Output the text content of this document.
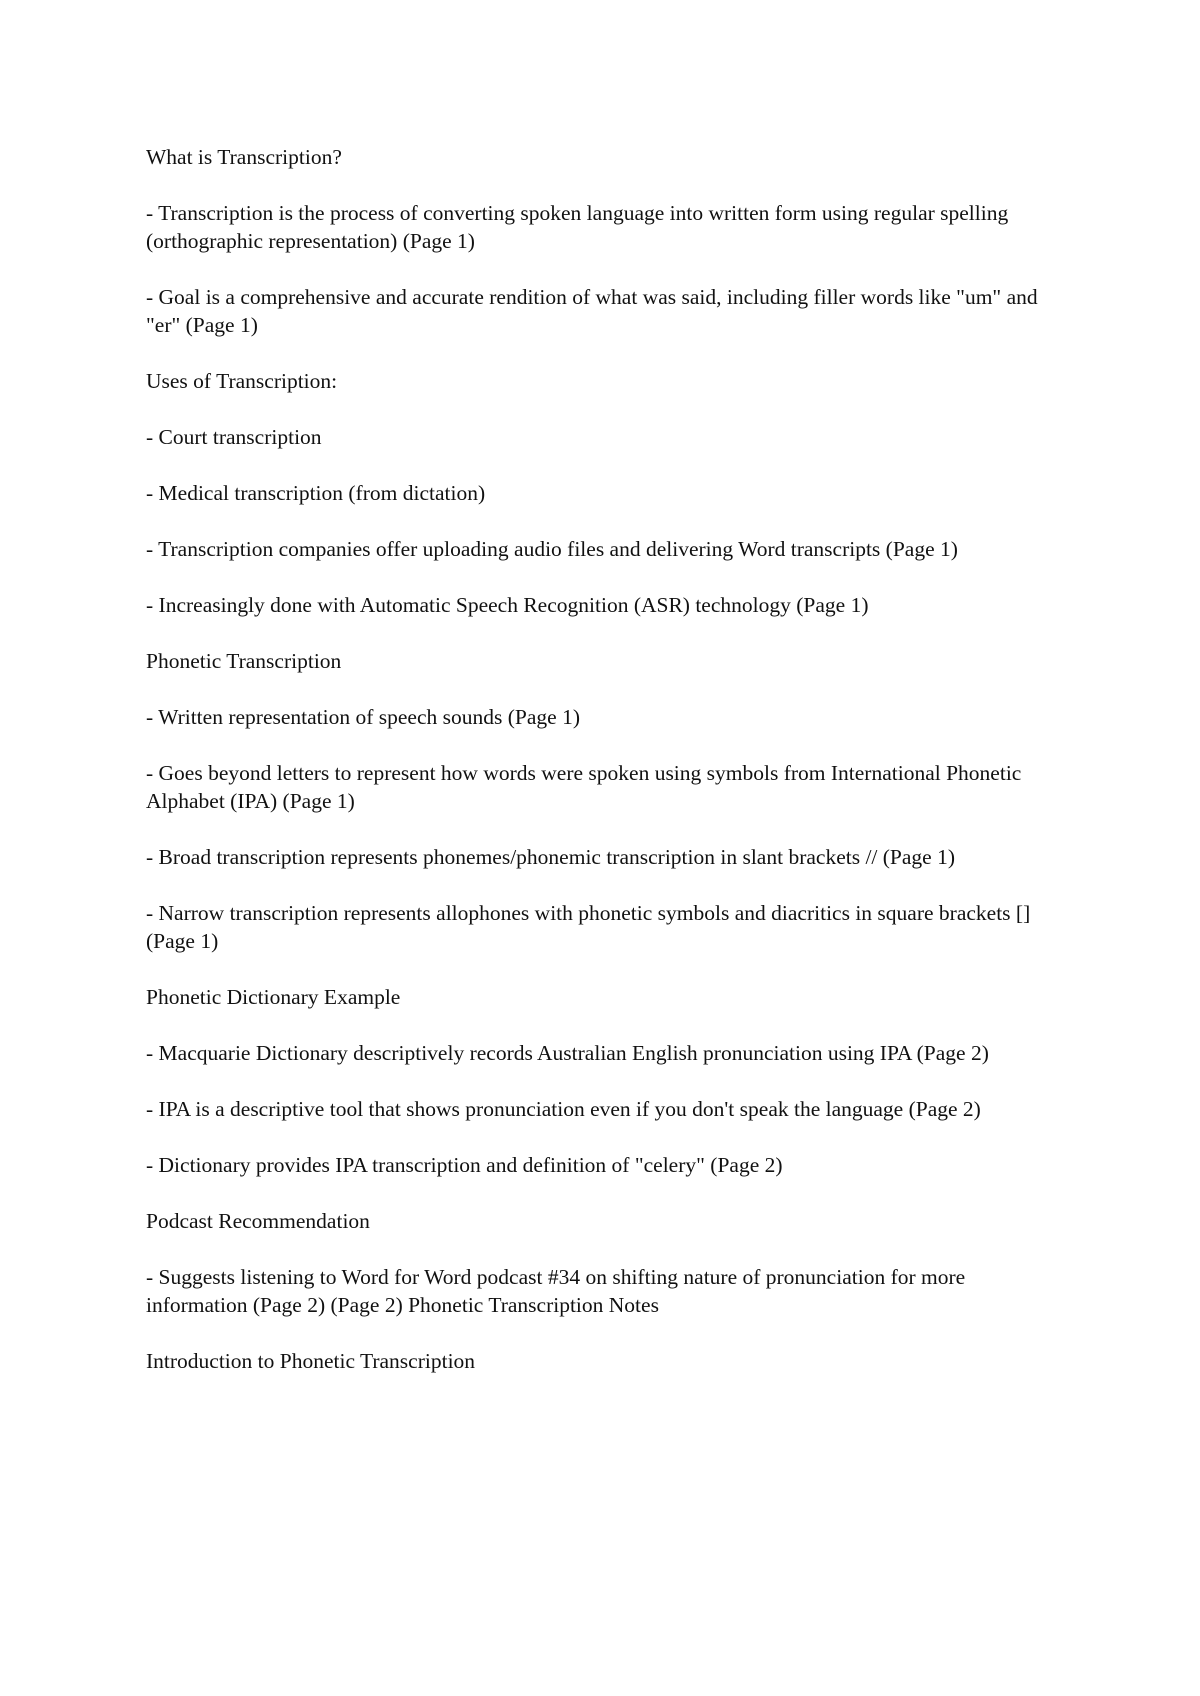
What is Transcription?

- Transcription is the process of converting spoken language into written form using regular spelling (orthographic representation) (Page 1)

- Goal is a comprehensive and accurate rendition of what was said, including filler words like "um" and "er" (Page 1)

Uses of Transcription:

- Court transcription

- Medical transcription (from dictation)

- Transcription companies offer uploading audio files and delivering Word transcripts (Page 1)

- Increasingly done with Automatic Speech Recognition (ASR) technology (Page 1)

Phonetic Transcription

- Written representation of speech sounds (Page 1)

- Goes beyond letters to represent how words were spoken using symbols from International Phonetic Alphabet (IPA) (Page 1)

- Broad transcription represents phonemes/phonemic transcription in slant brackets // (Page 1)

- Narrow transcription represents allophones with phonetic symbols and diacritics in square brackets [] (Page 1)

Phonetic Dictionary Example

- Macquarie Dictionary descriptively records Australian English pronunciation using IPA (Page 2)

- IPA is a descriptive tool that shows pronunciation even if you don't speak the language (Page 2)

- Dictionary provides IPA transcription and definition of "celery" (Page 2)

Podcast Recommendation

- Suggests listening to Word for Word podcast #34 on shifting nature of pronunciation for more information (Page 2) (Page 2) Phonetic Transcription Notes

Introduction to Phonetic Transcription
